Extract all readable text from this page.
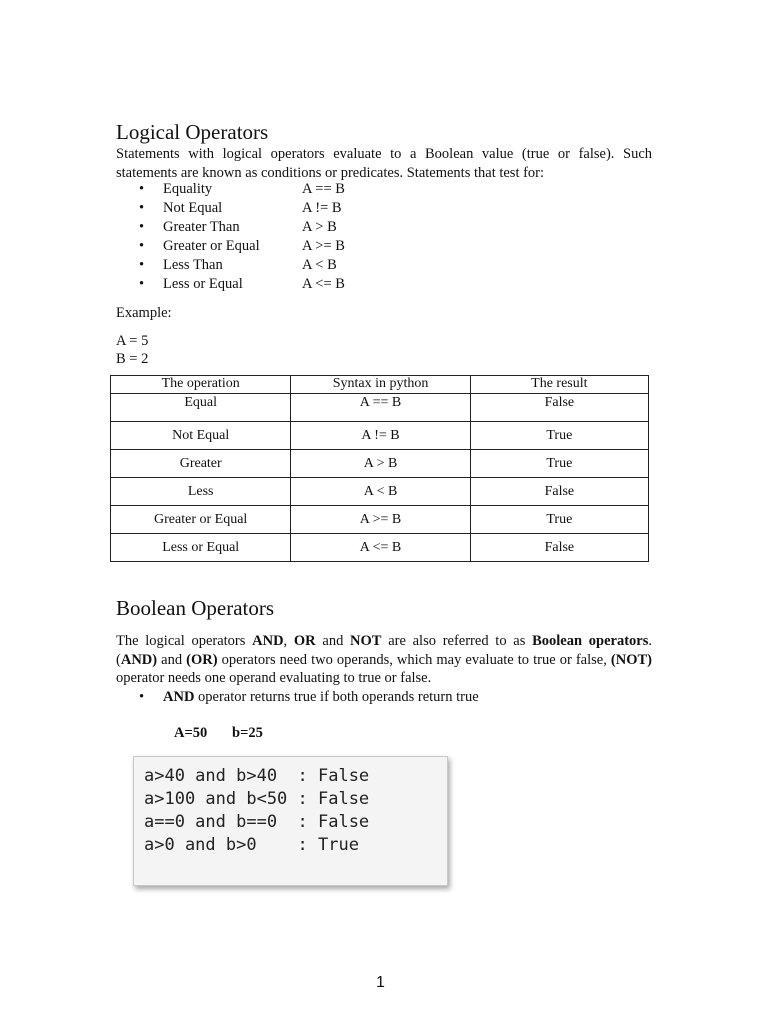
Logical Operators

Statements with logical operators evaluate to a Boolean value (true or false). Such statements are known as conditions or predicates. Statements that test for:

• Equality	A == B
• Not Equal	A != B
• Greater Than	A > B
• Greater or Equal	A >= B
• Less Than	A < B
• Less or Equal	A <= B

Example:

A = 5

B = 2

The operation	Syntax in python	The result
Equal	A == B	False
Not Equal	A != B	True
Greater	A > B	True
Less	A < B	False
Greater or Equal	A >= B	True
Less or Equal	A <= B	False
Boolean Operators

The logical operators AND, OR and NOT are also referred to as Boolean operators. (AND) and (OR) operators need two operands, which may evaluate to true or false, (NOT) operator needs one operand evaluating to true or false.

• AND operator returns true if both operands return true
A=50 b=25
a>40 and b>40  : False
a>100 and b<50 : False
a==0 and b==0  : False
a>0 and b>0    : True
1
